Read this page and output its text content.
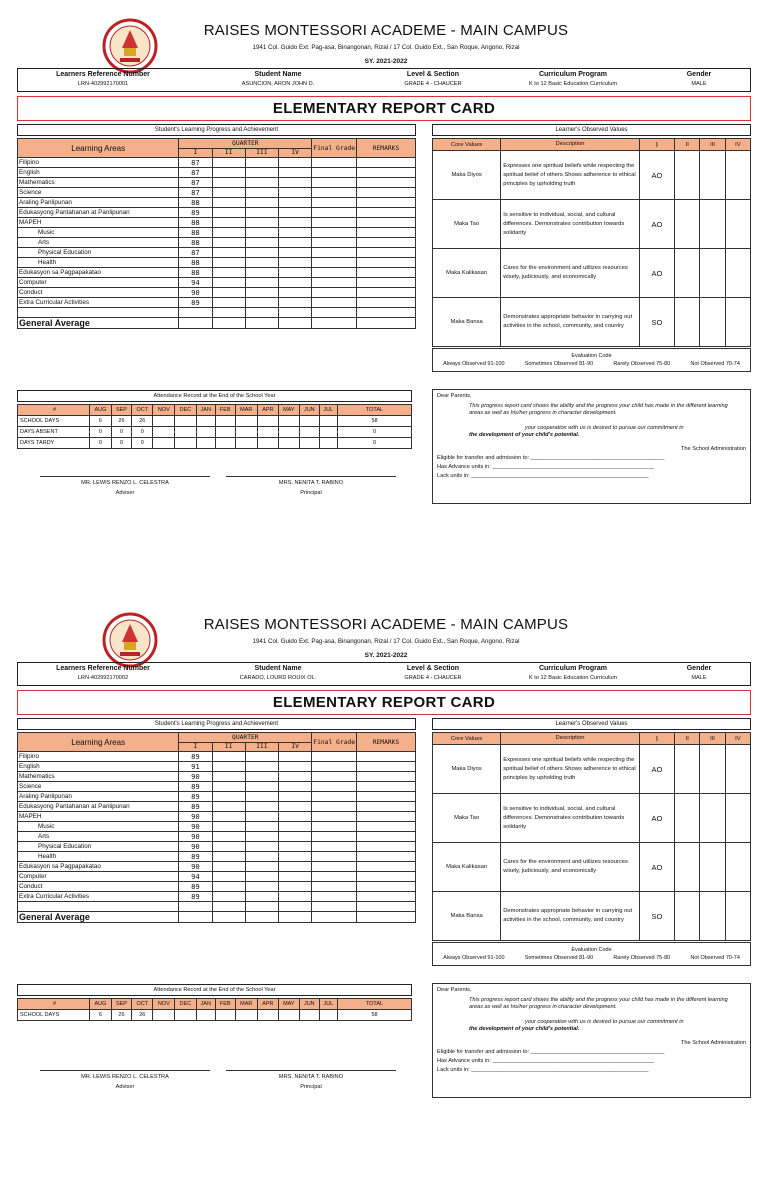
RAISES MONTESSORI ACADEME - MAIN CAMPUS
1941 Col. Guido Ext. Pag-asa, Binangonan, Rizal / 17 Col. Guido Ext., San Roque, Angono, Rizal
SY. 2021-2022
Learners Reference Number
LRN-402992170001
Student Name
ASUNCION, ARON JOHN D.
Level & Section
GRADE 4 - CHAUCER
Curriculum Program
K to 12 Basic Education Curriculum
Gender
MALE
ELEMENTARY REPORT CARD
Student's Learning Progress and Achievement	Learner's Observed Values
Learning Areas	QUARTER				Final Grade	REMARKS
	I	II	III	IV		
Filipino	87					
English	87					
Mathematics	87					
Science	87					
Araling Panlipunan	88					
Edukasyong Pantahanan at Panlipunan	89					
MAPEH	88					
Music	88					
Arts	88					
Physical Education	87					
Health	88					
Edukasyon sa Pagpapakatao	88					
Computer	94					
Conduct	90					
Extra Curricular Activities	89					

General Average						
Core Values	Description	I	II	III	IV
Maka Diyos	Expresses one spiritual beliefs while respecting the spiritual belief of others Shows adherence to ethical principles by upholding truth	AO			
Maka Tao	Is sensitive to individual, social, and cultural differences. Demonstrates contribution towards solidarity	AO			
Maka Kalikasan	Cares for the environment and utilizes resources wisely, judiciously, and economically	AO			
Maka Bansa	Demonstrates appropriate behavior in carrying out activities in the school, community, and country	SO			
Evaluation Code
Always Observed 91-100	Sometimes Observed 81-90	Rarely Observed 75-80	Not Observed 70-74
Attendance Record at the End of the School Year
#	AUG	SEP	OCT	NOV	DEC	JAN	FEB	MAR	APR	MAY	JUN	JUL	TOTAL
SCHOOL DAYS	6	26	26										58
DAYS ABSENT	0	0	0										0
DAYS TARDY	0	0	0										0
MR. LEWIS RENZO L. CELESTRA
Adviser
MRS. NENITA T. RABINO
Principal
Dear Parents,
This progress report card shows the ability and the progress your child has made in the different learning areas as well as his/her progress in character development.
your cooperation with us is desired to pursue our commitment in
the development of your child's potential.
The School Administration
Eligible for transfer and admission to: ___________________________________________
Has Advance units in: ____________________________________________________
Lack units in: _________________________________________________________
RAISES MONTESSORI ACADEME - MAIN CAMPUS
1941 Col. Guido Ext. Pag-asa, Binangonan, Rizal / 17 Col. Guido Ext., San Roque, Angono, Rizal
SY. 2021-2022
Learners Reference Number
LRN-402992170002
Student Name
CARADO, LOURD ROUIX OL.
Level & Section
GRADE 4 - CHAUCER
Curriculum Program
K to 12 Basic Education Curriculum
Gender
MALE
ELEMENTARY REPORT CARD
Student's Learning Progress and Achievement	Learner's Observed Values
Learning Areas	QUARTER				Final Grade	REMARKS
	I	II	III	IV		
Filipino	89					
English	91					
Mathematics	90					
Science	89					
Araling Panlipunan	89					
Edukasyong Pantahanan at Panlipunan	89					
MAPEH	90					
Music	90					
Arts	90					
Physical Education	90					
Health	89					
Edukasyon sa Pagpapakatao	90					
Computer	94					
Conduct	89					
Extra Curricular Activities	89					

General Average						
Core Values	Description	I	II	III	IV
Maka Diyos	Expresses one spiritual beliefs while respecting the spiritual belief of others Shows adherence to ethical principles by upholding truth	AO			
Maka Tao	Is sensitive to individual, social, and cultural differences. Demonstrates contribution towards solidarity	AO			
Maka Kalikasan	Cares for the environment and utilizes resources wisely, judiciously, and economically	AO			
Maka Bansa	Demonstrates appropriate behavior in carrying out activities in the school, community, and country	SO			
Evaluation Code
Always Observed 91-100	Sometimes Observed 81-90	Rarely Observed 75-80	Not Observed 70-74
Attendance Record at the End of the School Year
#	AUG	SEP	OCT	NOV	DEC	JAN	FEB	MAR	APR	MAY	JUN	JUL	TOTAL
SCHOOL DAYS	6	26	26										58
MR. LEWIS RENZO L. CELESTRA
Adviser
MRS. NENITA T. RABINO
Principal
Dear Parents,
This progress report card shows the ability and the progress your child has made in the different learning areas as well as his/her progress in character development.
your cooperation with us is desired to pursue our commitment in
the development of your child's potential.
The School Administration
Eligible for transfer and admission to: ___________________________________________
Has Advance units in: ____________________________________________________
Lack units in: _________________________________________________________
